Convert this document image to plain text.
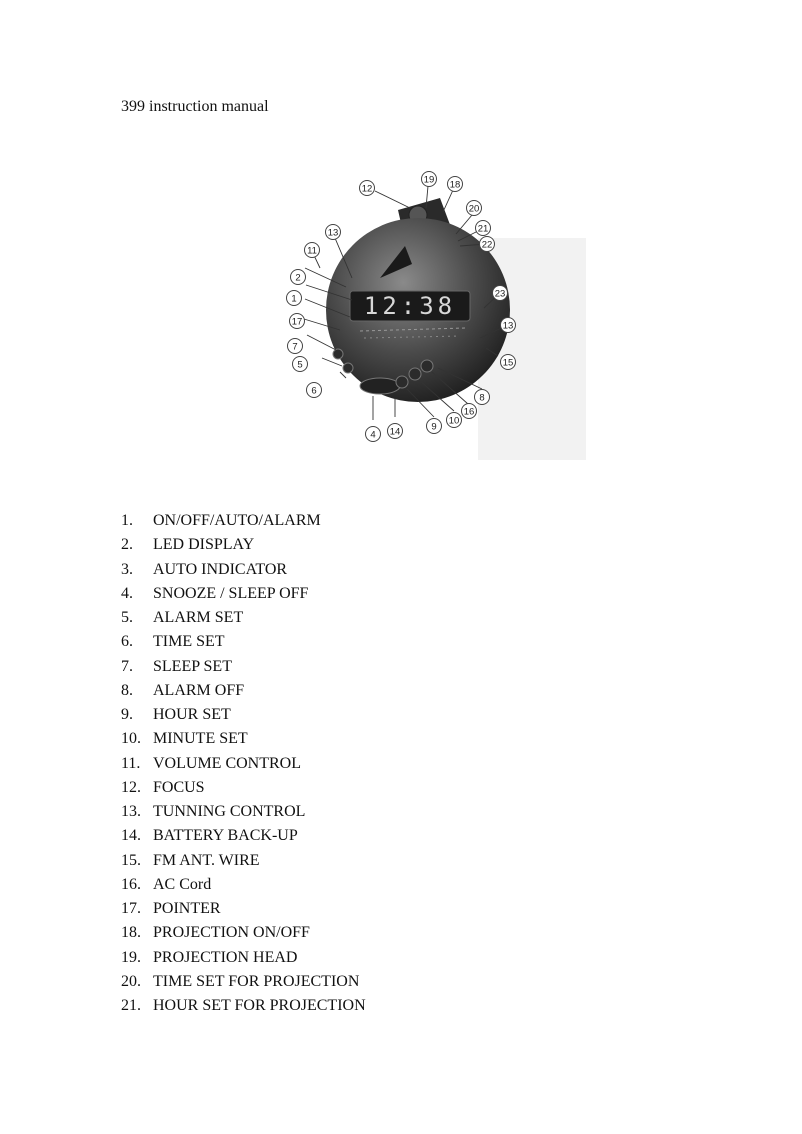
399 instruction manual
12:38
12
19 18
20
21
22
13
11
2
1
17
7
5
6
4 14	9
10
16
8
23
13
15
1. ON/OFF/AUTO/ALARM
2. LED DISPLAY
3. AUTO INDICATOR
4. SNOOZE / SLEEP OFF
5. ALARM SET
6. TIME SET
7. SLEEP SET
8. ALARM OFF
9. HOUR SET
10. MINUTE SET
11. VOLUME CONTROL
12. FOCUS
13. TUNNING CONTROL
14. BATTERY BACK-UP
15. FM ANT. WIRE
16. AC Cord
17. POINTER
18. PROJECTION ON/OFF
19. PROJECTION HEAD
20. TIME SET FOR PROJECTION
21. HOUR SET FOR PROJECTION
